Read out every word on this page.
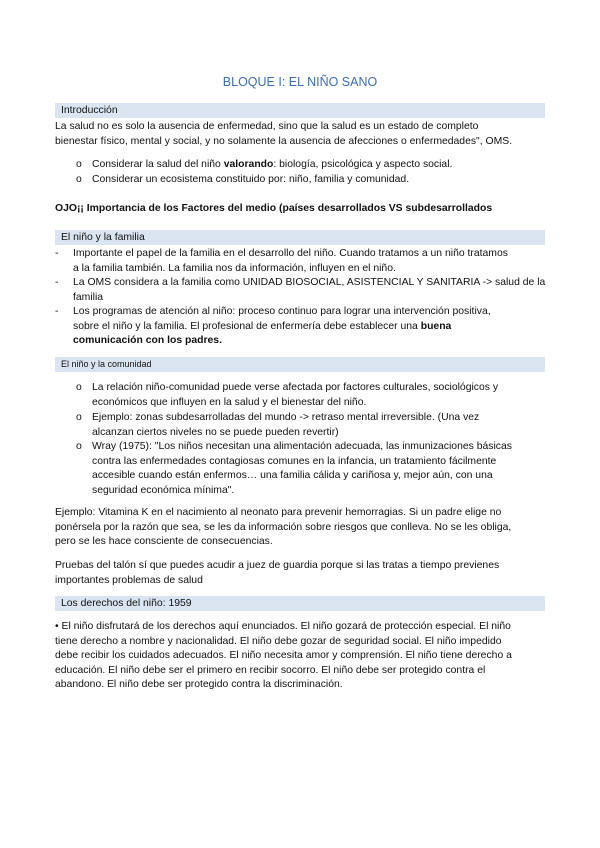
BLOQUE I: EL NIÑO SANO
Introducción
La salud no es solo la ausencia de enfermedad, sino que la salud es un estado de completo
bienestar físico, mental y social, y no solamente la ausencia de afecciones o enfermedades", OMS.
o Considerar la salud del niño valorando: biología, psicológica y aspecto social.
o Considerar un ecosistema constituido por: niño, familia y comunidad.
OJO¡¡ Importancia de los Factores del medio (países desarrollados VS subdesarrollados
El niño y la familia
- Importante el papel de la familia en el desarrollo del niño. Cuando tratamos a un niño tratamos
a la familia también. La familia nos da información, influyen en el niño.
- La OMS considera a la familia como UNIDAD BIOSOCIAL, ASISTENCIAL Y SANITARIA -> salud de la
familia
- Los programas de atención al niño: proceso continuo para lograr una intervención positiva,
sobre el niño y la familia. El profesional de enfermería debe establecer una buena
comunicación con los padres.
El niño y la comunidad
o La relación niño-comunidad puede verse afectada por factores culturales, sociológicos y
económicos que influyen en la salud y el bienestar del niño.
o Ejemplo: zonas subdesarrolladas del mundo -> retraso mental irreversible. (Una vez
alcanzan ciertos niveles no se puede pueden revertir)
o Wray (1975): "Los niños necesitan una alimentación adecuada, las inmunizaciones básicas
contra las enfermedades contagiosas comunes en la infancia, un tratamiento fácilmente
accesible cuando están enfermos… una familia cálida y cariñosa y, mejor aún, con una
seguridad económica mínima".
Ejemplo: Vitamina K en el nacimiento al neonato para prevenir hemorragias. Si un padre elige no
ponérsela por la razón que sea, se les da información sobre riesgos que conlleva. No se les obliga,
pero se les hace consciente de consecuencias.
Pruebas del talón sí que puedes acudir a juez de guardia porque si las tratas a tiempo previenes
importantes problemas de salud
Los derechos del niño: 1959
• El niño disfrutará de los derechos aquí enunciados. El niño gozará de protección especial. El niño
tiene derecho a nombre y nacionalidad. El niño debe gozar de seguridad social. El niño impedido
debe recibir los cuidados adecuados. El niño necesita amor y comprensión. El niño tiene derecho a
educación. El niño debe ser el primero en recibir socorro. El niño debe ser protegido contra el
abandono. El niño debe ser protegido contra la discriminación.
